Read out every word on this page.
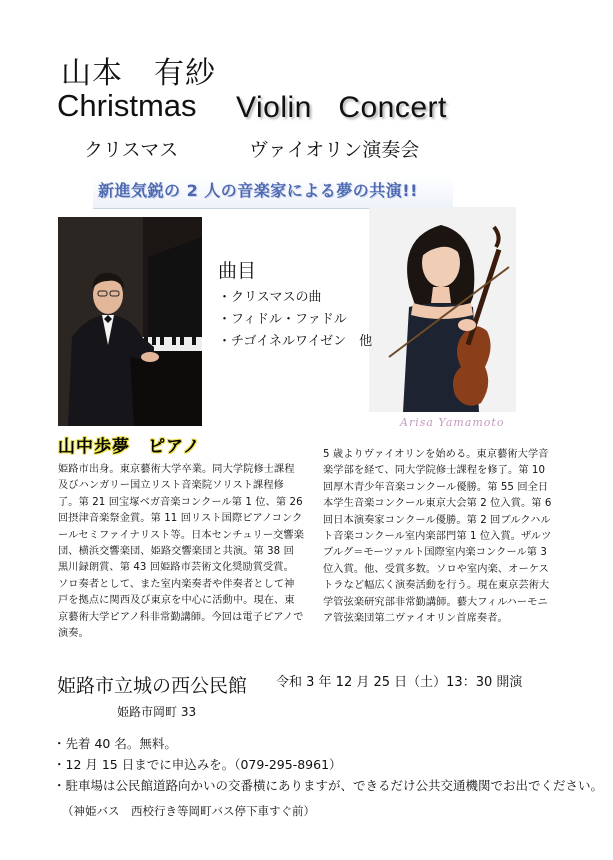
山本　有紗
Christmas Violin   Concert
クリスマス	ヴァイオリン演奏会
新進気鋭の 2 人の音楽家による夢の共演!!
Arisa Yamamoto
曲目
・クリスマスの曲
・フィドル・ファドル
・チゴイネルワイゼン　他
山中歩夢　ピアノ
姫路市出身。東京藝術大学卒業。同大学院修士課程及びハンガリー国立リスト音楽院ソリスト課程修了。第 21 回宝塚ベガ音楽コンクール第 1 位、第 26 回摂津音楽祭金賞。第 11 回リスト国際ピアノコンクールセミファイナリスト等。日本センチュリー交響楽団、横浜交響楽団、姫路交響楽団と共演。第 38 回黒川録朗賞、第 43 回姫路市芸術文化奨励賞受賞。ソロ奏者として、また室内楽奏者や伴奏者として神戸を拠点に関西及び東京を中心に活動中。現在、東京藝術大学ピアノ科非常勤講師。今回は電子ピアノで演奏。
5 歳よりヴァイオリンを始める。東京藝術大学音楽学部を経て、同大学院修士課程を修了。第 10 回厚木青少年音楽コンクール優勝。第 55 回全日本学生音楽コンクール東京大会第 2 位入賞。第 6 回日本演奏家コンクール優勝。第 2 回ブルクハルト音楽コンクール室内楽部門第 1 位入賞。ザルツブルグ＝モーツァルト国際室内楽コンクール第 3 位入賞。他、受賞多数。ソロや室内楽、オーケストラなど幅広く演奏活動を行う。現在東京芸術大学管弦楽研究部非常勤講師。藝大フィルハーモニア管弦楽団第二ヴァイオリン首席奏者。
姫路市立城の西公民館 令和 3 年 12 月 25 日（土）13：30 開演
姫路市岡町 33
・先着 40 名。無料。
・12 月 15 日までに申込みを。（079-295-8961）
・駐車場は公民館道路向かいの交番横にありますが、できるだけ公共交通機関でお出でください。
（神姫バス　西校行き等岡町バス停下車すぐ前）
